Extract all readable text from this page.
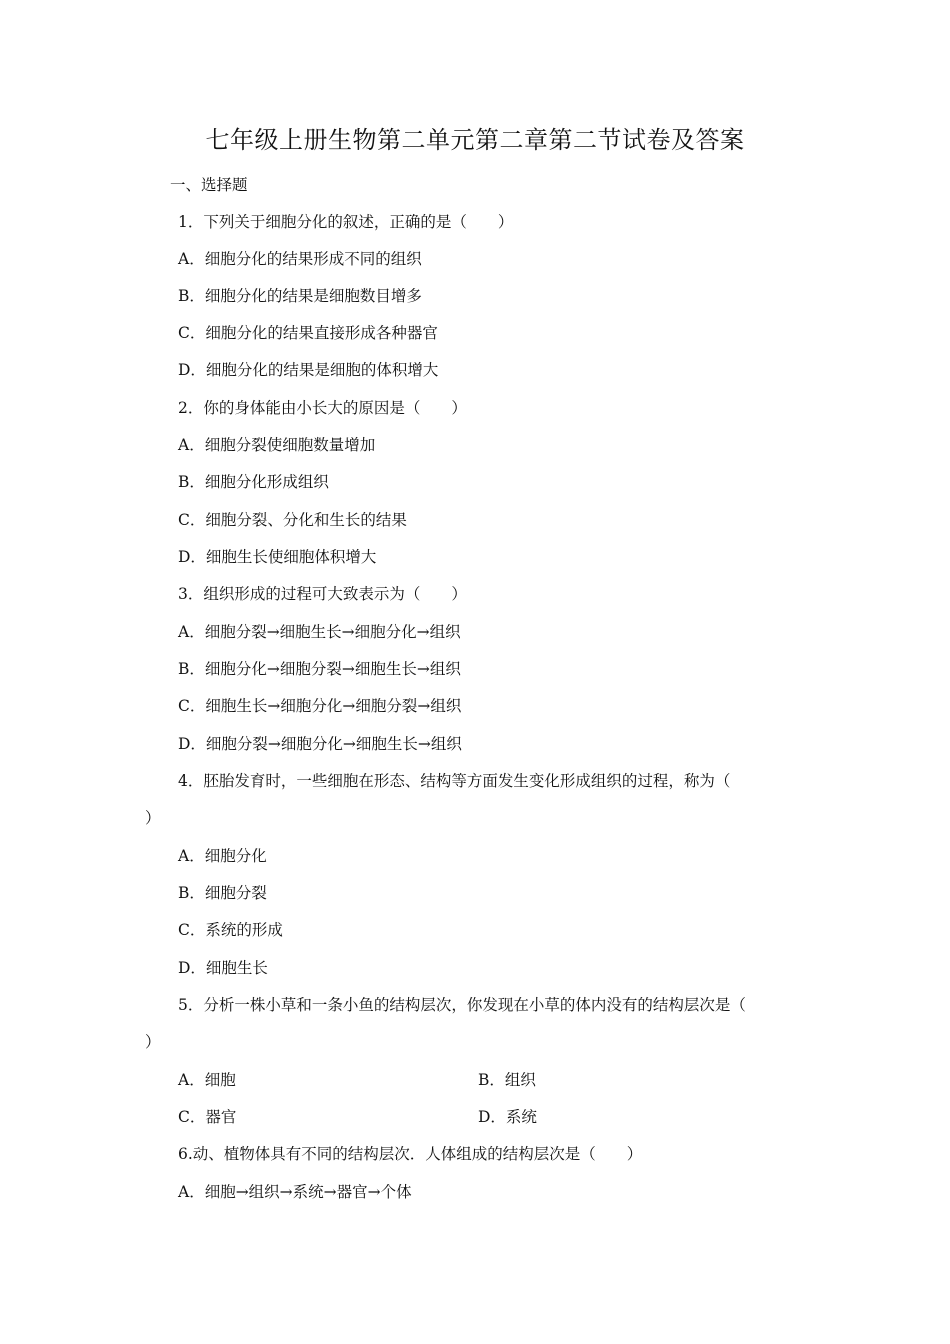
七年级上册生物第二单元第二章第二节试卷及答案
一、选择题
1．下列关于细胞分化的叙述，正确的是（　　）
A．细胞分化的结果形成不同的组织
B．细胞分化的结果是细胞数目增多
C．细胞分化的结果直接形成各种器官
D．细胞分化的结果是细胞的体积增大
2．你的身体能由小长大的原因是（　　）
A．细胞分裂使细胞数量增加
B．细胞分化形成组织
C．细胞分裂、分化和生长的结果
D．细胞生长使细胞体积增大
3．组织形成的过程可大致表示为（　　）
A．细胞分裂→细胞生长→细胞分化→组织
B．细胞分化→细胞分裂→细胞生长→组织
C．细胞生长→细胞分化→细胞分裂→组织
D．细胞分裂→细胞分化→细胞生长→组织
4．胚胎发育时，一些细胞在形态、结构等方面发生变化形成组织的过程，称为（
）
A．细胞分化
B．细胞分裂
C．系统的形成
D．细胞生长
5．分析一株小草和一条小鱼的结构层次，你发现在小草的体内没有的结构层次是（
）
A．细胞	B．组织
C．器官	D．系统
6.动、植物体具有不同的结构层次．人体组成的结构层次是（　　）
A．细胞→组织→系统→器官→个体
